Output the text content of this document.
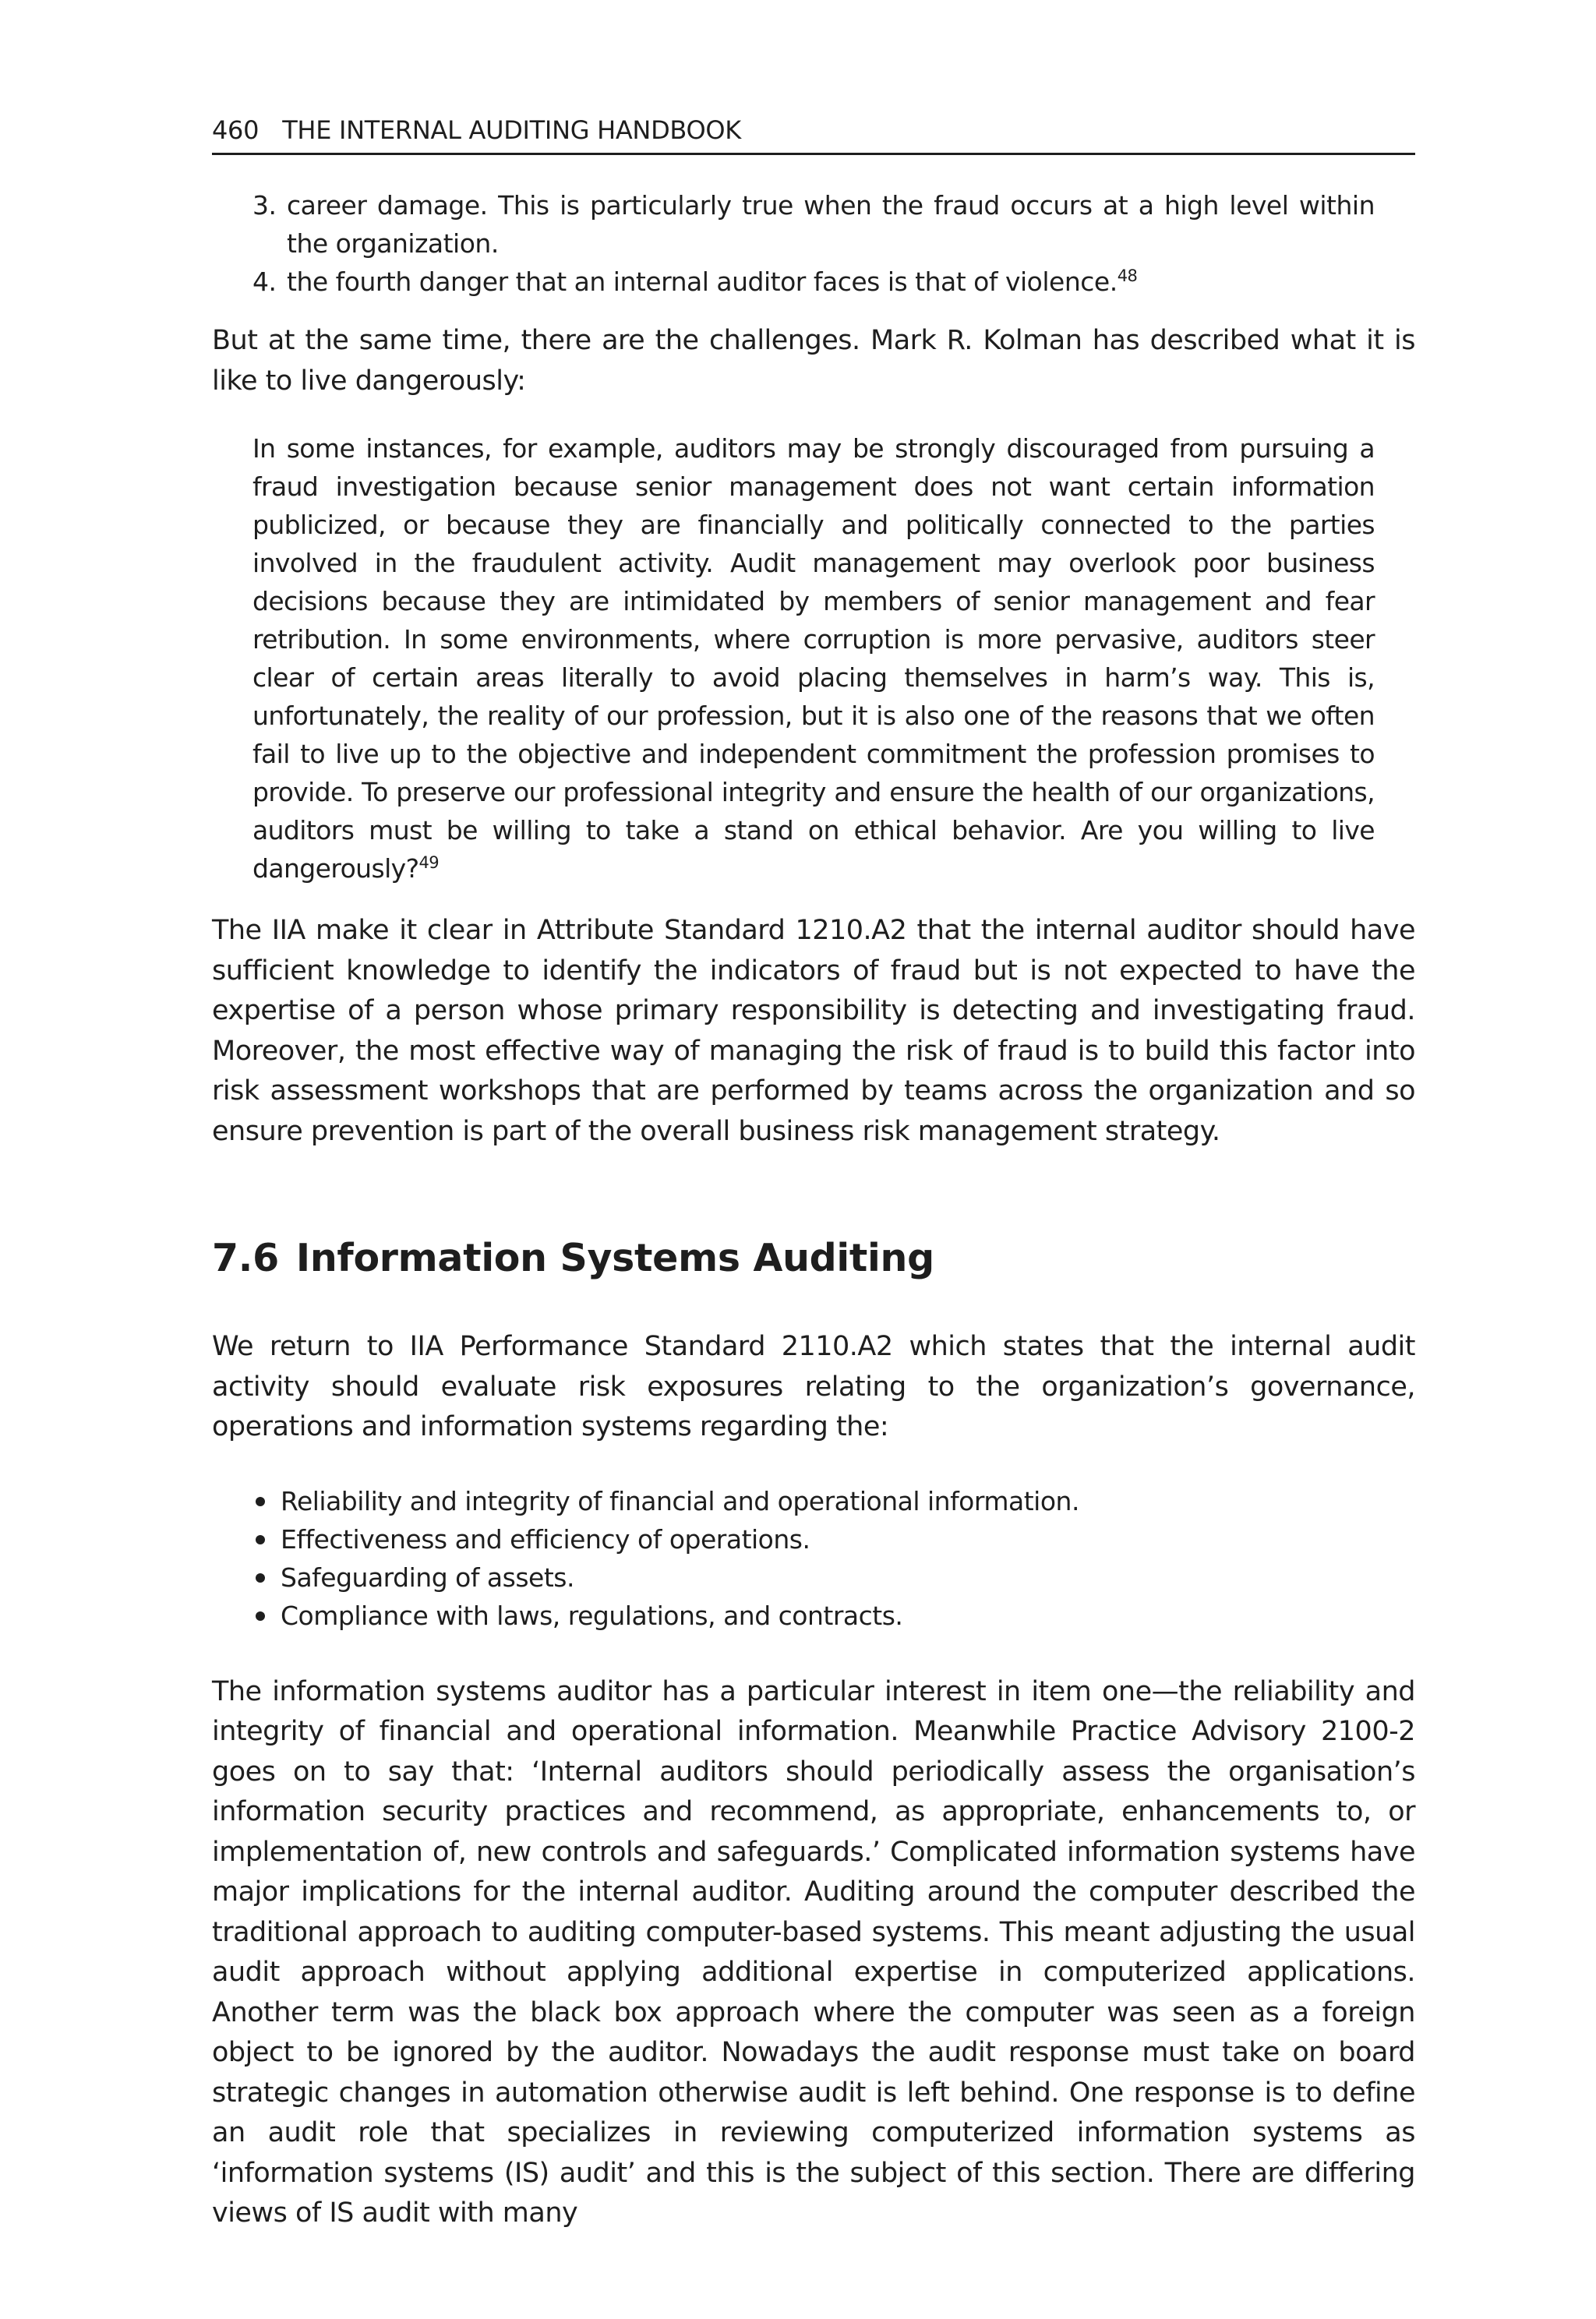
460 THE INTERNAL AUDITING HANDBOOK
3. career damage. This is particularly true when the fraud occurs at a high level within the organization.
4. the fourth danger that an internal auditor faces is that of violence.$^{48}$

But at the same time, there are the challenges. Mark R. Kolman has described what it is like to live dangerously:

In some instances, for example, auditors may be strongly discouraged from pursuing a fraud investigation because senior management does not want certain information publicized, or because they are financially and politically connected to the parties involved in the fraudulent activity. Audit management may overlook poor business decisions because they are intimidated by members of senior management and fear retribution. In some environments, where corruption is more pervasive, auditors steer clear of certain areas literally to avoid placing themselves in harm’s way. This is, unfortunately, the reality of our profession, but it is also one of the reasons that we often fail to live up to the objective and independent commitment the profession promises to provide. To preserve our professional integrity and ensure the health of our organizations, auditors must be willing to take a stand on ethical behavior. Are you willing to live dangerously?$^{49}$

The IIA make it clear in Attribute Standard 1210.A2 that the internal auditor should have sufficient knowledge to identify the indicators of fraud but is not expected to have the expertise of a person whose primary responsibility is detecting and investigating fraud. Moreover, the most effective way of managing the risk of fraud is to build this factor into risk assessment workshops that are performed by teams across the organization and so ensure prevention is part of the overall business risk management strategy.

7.6 Information Systems Auditing

We return to IIA Performance Standard 2110.A2 which states that the internal audit activity should evaluate risk exposures relating to the organization’s governance, operations and information systems regarding the:

Reliability and integrity of financial and operational information.
Effectiveness and efficiency of operations.
Safeguarding of assets.
Compliance with laws, regulations, and contracts.

The information systems auditor has a particular interest in item one—the reliability and integrity of financial and operational information. Meanwhile Practice Advisory 2100-2 goes on to say that: ‘Internal auditors should periodically assess the organisation’s information security practices and recommend, as appropriate, enhancements to, or implementation of, new controls and safeguards.’ Complicated information systems have major implications for the internal auditor. Auditing around the computer described the traditional approach to auditing computer-based systems. This meant adjusting the usual audit approach without applying additional expertise in computerized applications. Another term was the black box approach where the computer was seen as a foreign object to be ignored by the auditor. Nowadays the audit response must take on board strategic changes in automation otherwise audit is left behind. One response is to define an audit role that specializes in reviewing computerized information systems as ‘information systems (IS) audit’ and this is the subject of this section. There are differing views of IS audit with many
